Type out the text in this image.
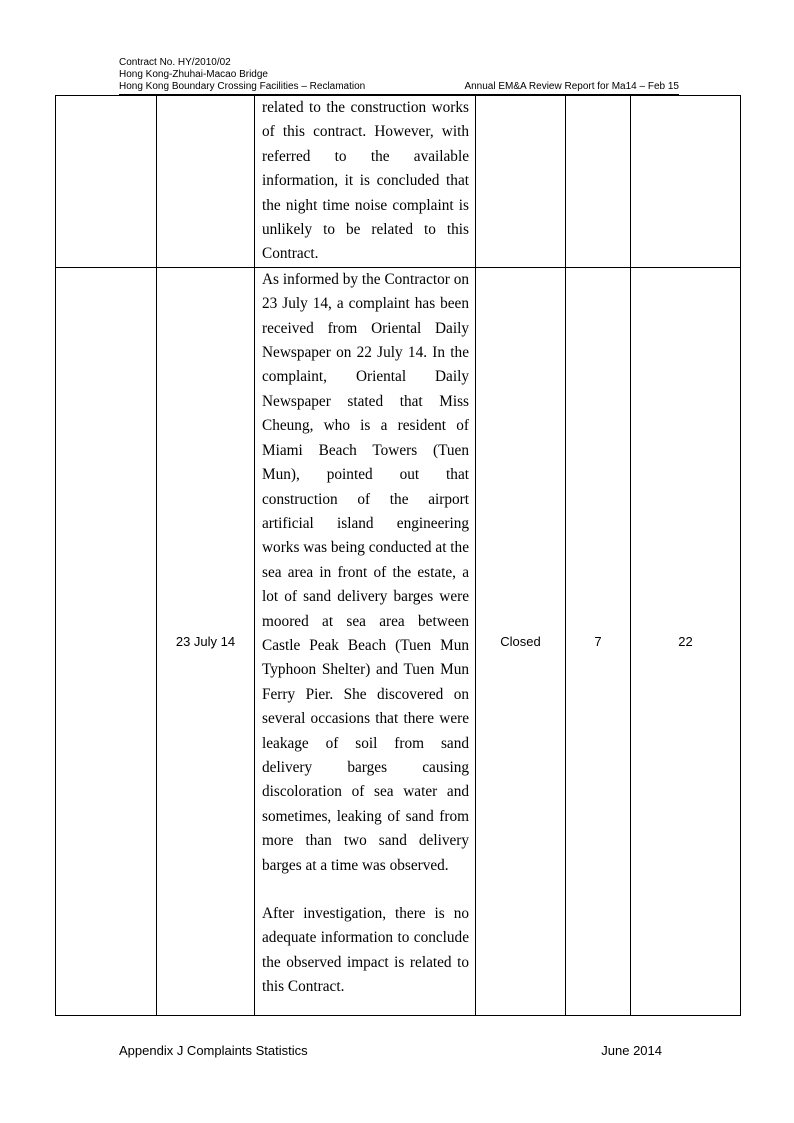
Contract No. HY/2010/02
Hong Kong-Zhuhai-Macao Bridge
Hong Kong Boundary Crossing Facilities – Reclamation	Annual EM&A Review Report for Ma14 – Feb 15

		related to the construction works of this contract. However, with referred to the available information, it is concluded that the night time noise complaint is unlikely to be related to this Contract.			

	23 July 14	As informed by the Contractor on 23 July 14, a complaint has been received from Oriental Daily Newspaper on 22 July 14. In the complaint, Oriental Daily Newspaper stated that Miss Cheung, who is a resident of Miami Beach Towers (Tuen Mun), pointed out that construction of the airport artificial island engineering works was being conducted at the sea area in front of the estate, a lot of sand delivery barges were moored at sea area between Castle Peak Beach (Tuen Mun Typhoon Shelter) and Tuen Mun Ferry Pier. She discovered on several occasions that there were leakage of soil from sand delivery barges causing discoloration of sea water and sometimes, leaking of sand from more than two sand delivery barges at a time was observed.

After investigation, there is no adequate information to conclude the observed impact is related to this Contract.	Closed	7	22
Appendix J Complaints Statistics	June 2014
